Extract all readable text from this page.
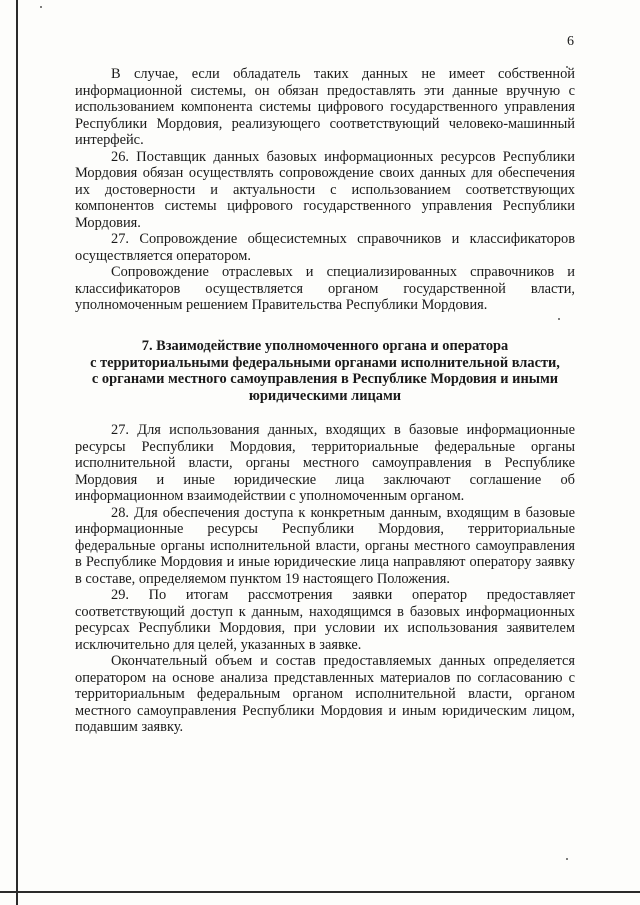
6

В случае, если обладатель таких данных не имеет собственной информационной системы, он обязан предоставлять эти данные вручную с использованием компонента системы цифрового государственного управления Республики Мордовия, реализующего соответствующий человеко-машинный интерфейс.

26. Поставщик данных базовых информационных ресурсов Республики Мордовия обязан осуществлять сопровождение своих данных для обеспечения их достоверности и актуальности с использованием соответствующих компонентов системы цифрового государственного управления Республики Мордовия.

27. Сопровождение общесистемных справочников и классификаторов осуществляется оператором.

Сопровождение отраслевых и специализированных справочников и классификаторов осуществляется органом государственной власти, уполномоченным решением Правительства Республики Мордовия.

7. Взаимодействие уполномоченного органа и оператора
с территориальными федеральными органами исполнительной власти,
с органами местного самоуправления в Республике Мордовия и иными
юридическими лицами

27. Для использования данных, входящих в базовые информационные ресурсы Республики Мордовия, территориальные федеральные органы исполнительной власти, органы местного самоуправления в Республике Мордовия и иные юридические лица заключают соглашение об информационном взаимодействии с уполномоченным органом.

28. Для обеспечения доступа к конкретным данным, входящим в базовые информационные ресурсы Республики Мордовия, территориальные федеральные органы исполнительной власти, органы местного самоуправления в Республике Мордовия и иные юридические лица направляют оператору заявку в составе, определяемом пунктом 19 настоящего Положения.

29. По итогам рассмотрения заявки оператор предоставляет соответствующий доступ к данным, находящимся в базовых информационных ресурсах Республики Мордовия, при условии их использования заявителем исключительно для целей, указанных в заявке.

Окончательный объем и состав предоставляемых данных определяется оператором на основе анализа представленных материалов по согласованию с территориальным федеральным органом исполнительной власти, органом местного самоуправления Республики Мордовия и иным юридическим лицом, подавшим заявку.
